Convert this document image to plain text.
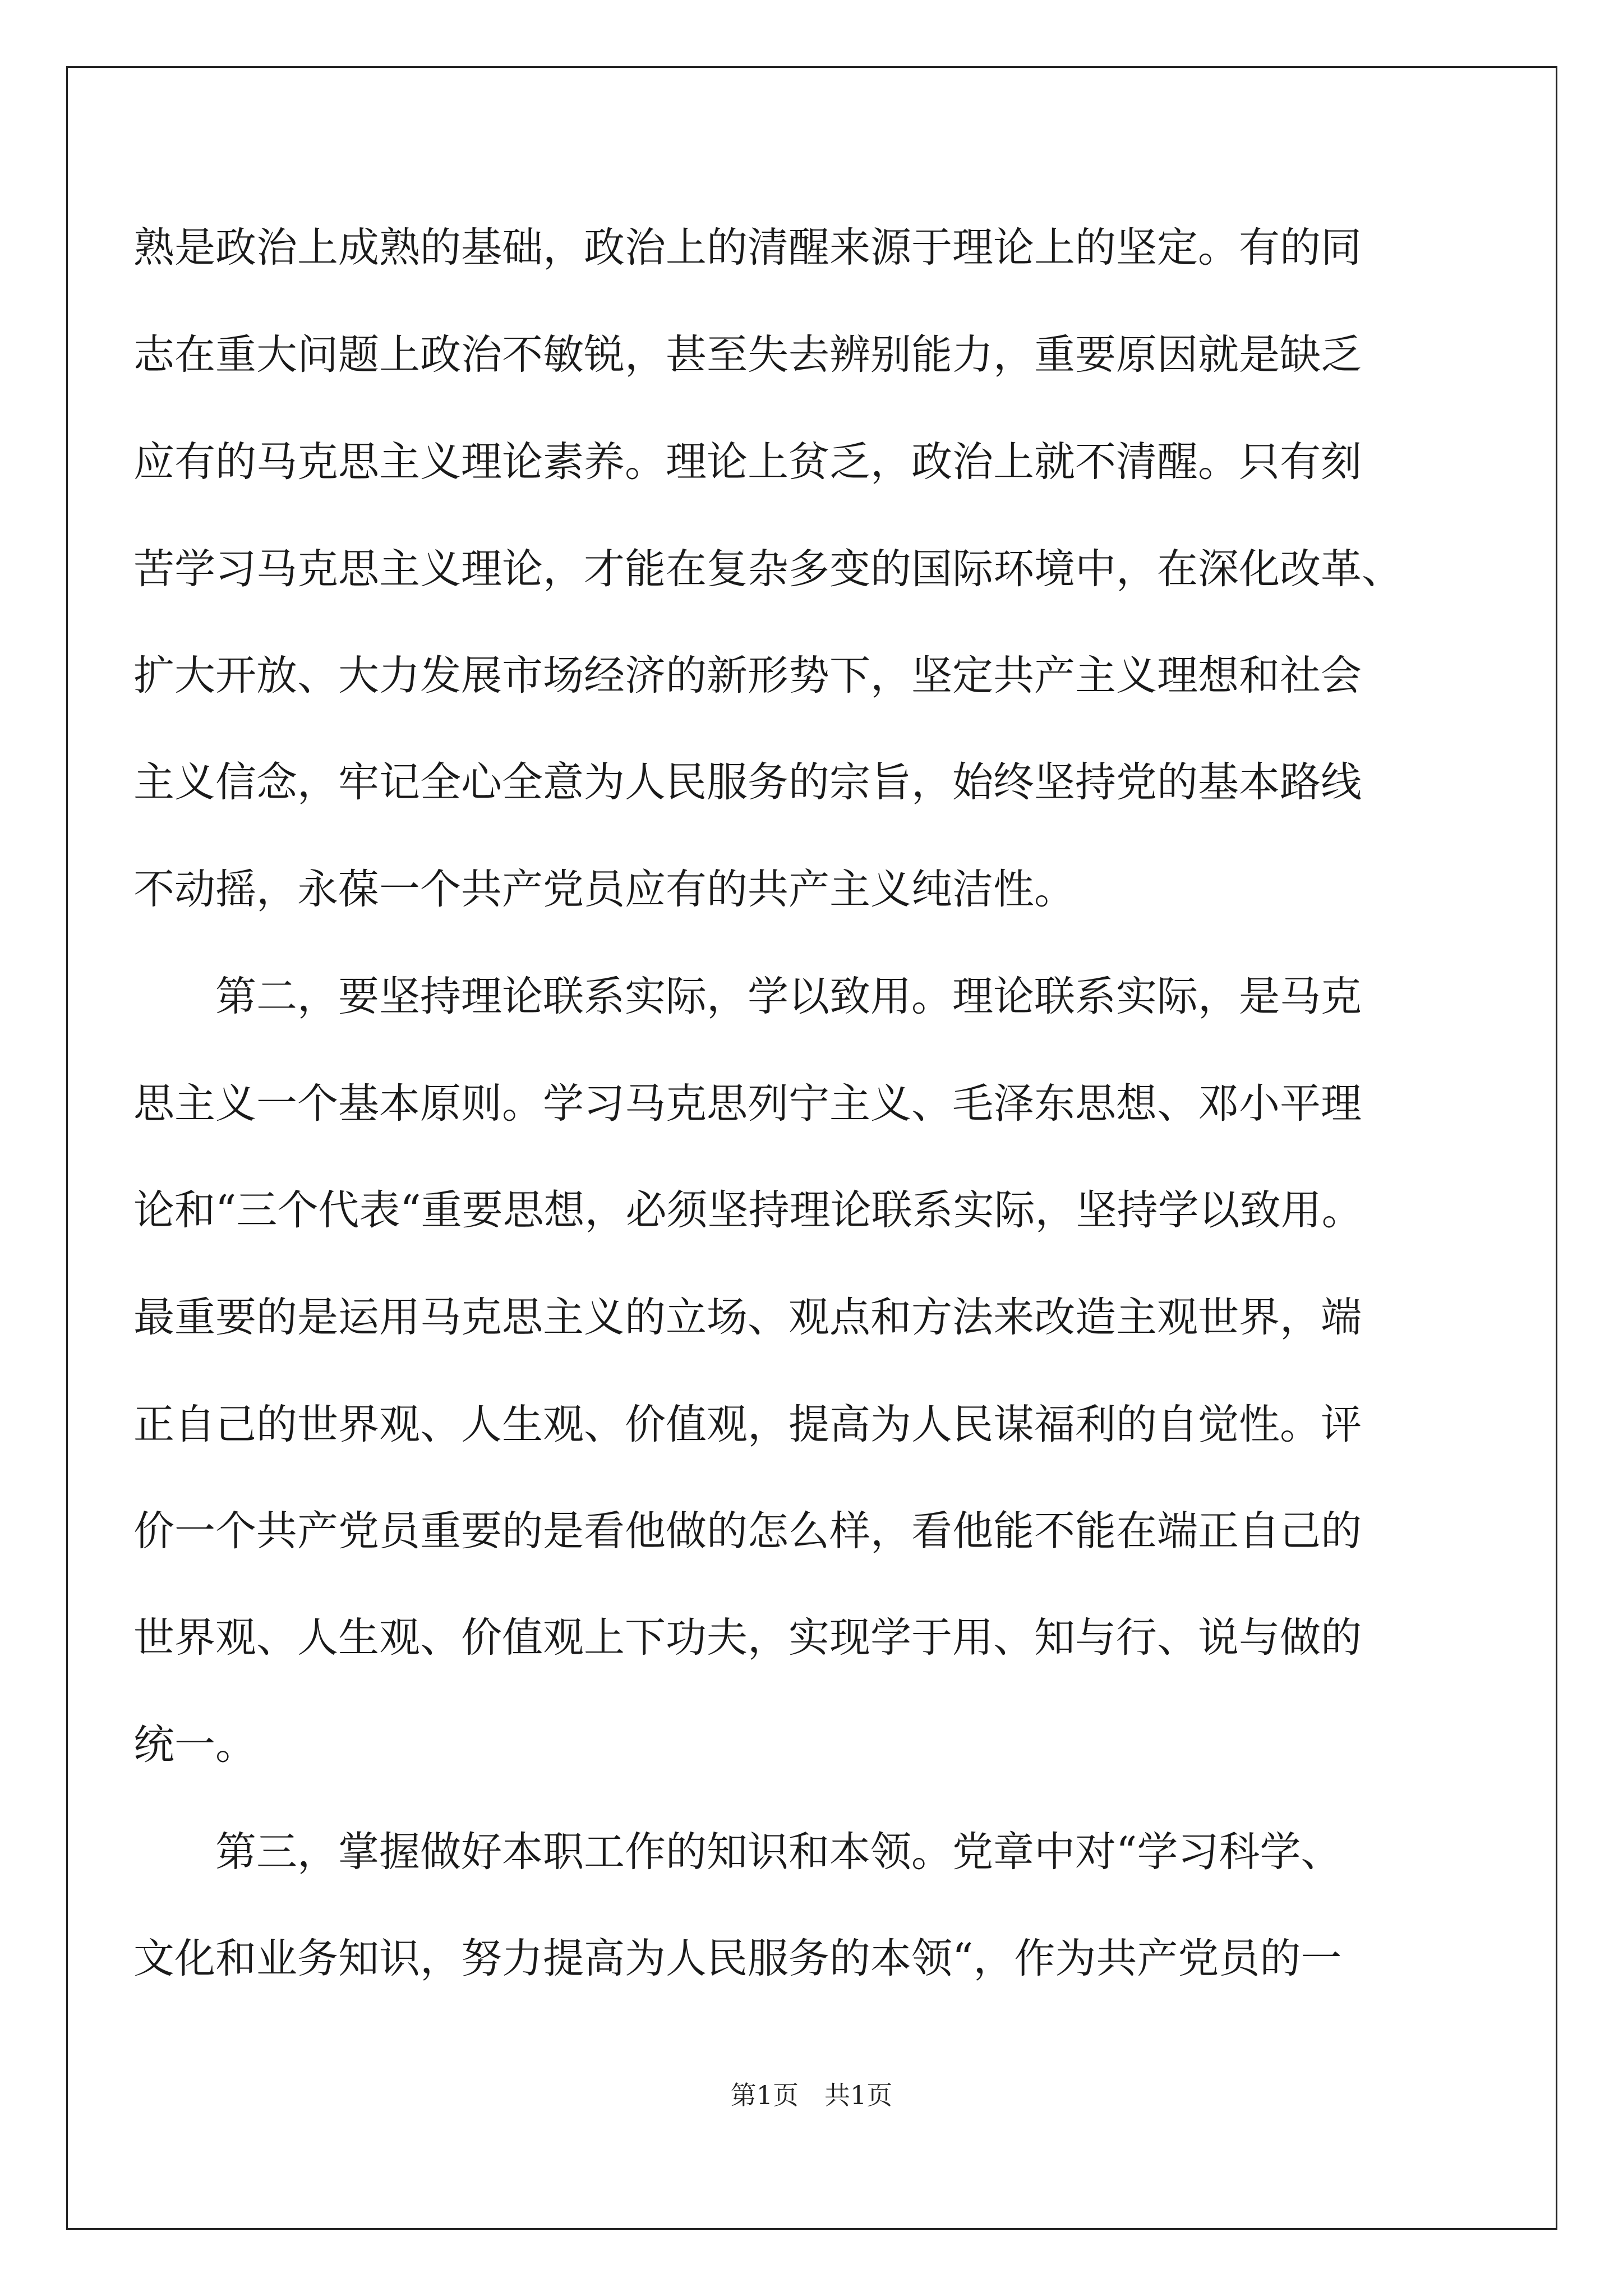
熟是政治上成熟的基础，政治上的清醒来源于理论上的坚定。有的同
志在重大问题上政治不敏锐，甚至失去辨别能力，重要原因就是缺乏
应有的马克思主义理论素养。理论上贫乏，政治上就不清醒。只有刻
苦学习马克思主义理论，才能在复杂多变的国际环境中，在深化改革、
扩大开放、大力发展市场经济的新形势下，坚定共产主义理想和社会
主义信念，牢记全心全意为人民服务的宗旨，始终坚持党的基本路线
不动摇，永葆一个共产党员应有的共产主义纯洁性。
第二，要坚持理论联系实际，学以致用。理论联系实际，是马克
思主义一个基本原则。学习马克思列宁主义、毛泽东思想、邓小平理
论和“三个代表“重要思想，必须坚持理论联系实际，坚持学以致用。
最重要的是运用马克思主义的立场、观点和方法来改造主观世界，端
正自己的世界观、人生观、价值观，提高为人民谋福利的自觉性。评
价一个共产党员重要的是看他做的怎么样，看他能不能在端正自己的
世界观、人生观、价值观上下功夫，实现学于用、知与行、说与做的
统一。
第三，掌握做好本职工作的知识和本领。党章中对“学习科学、
文化和业务知识，努力提高为人民服务的本领“，作为共产党员的一
第1页　共1页
